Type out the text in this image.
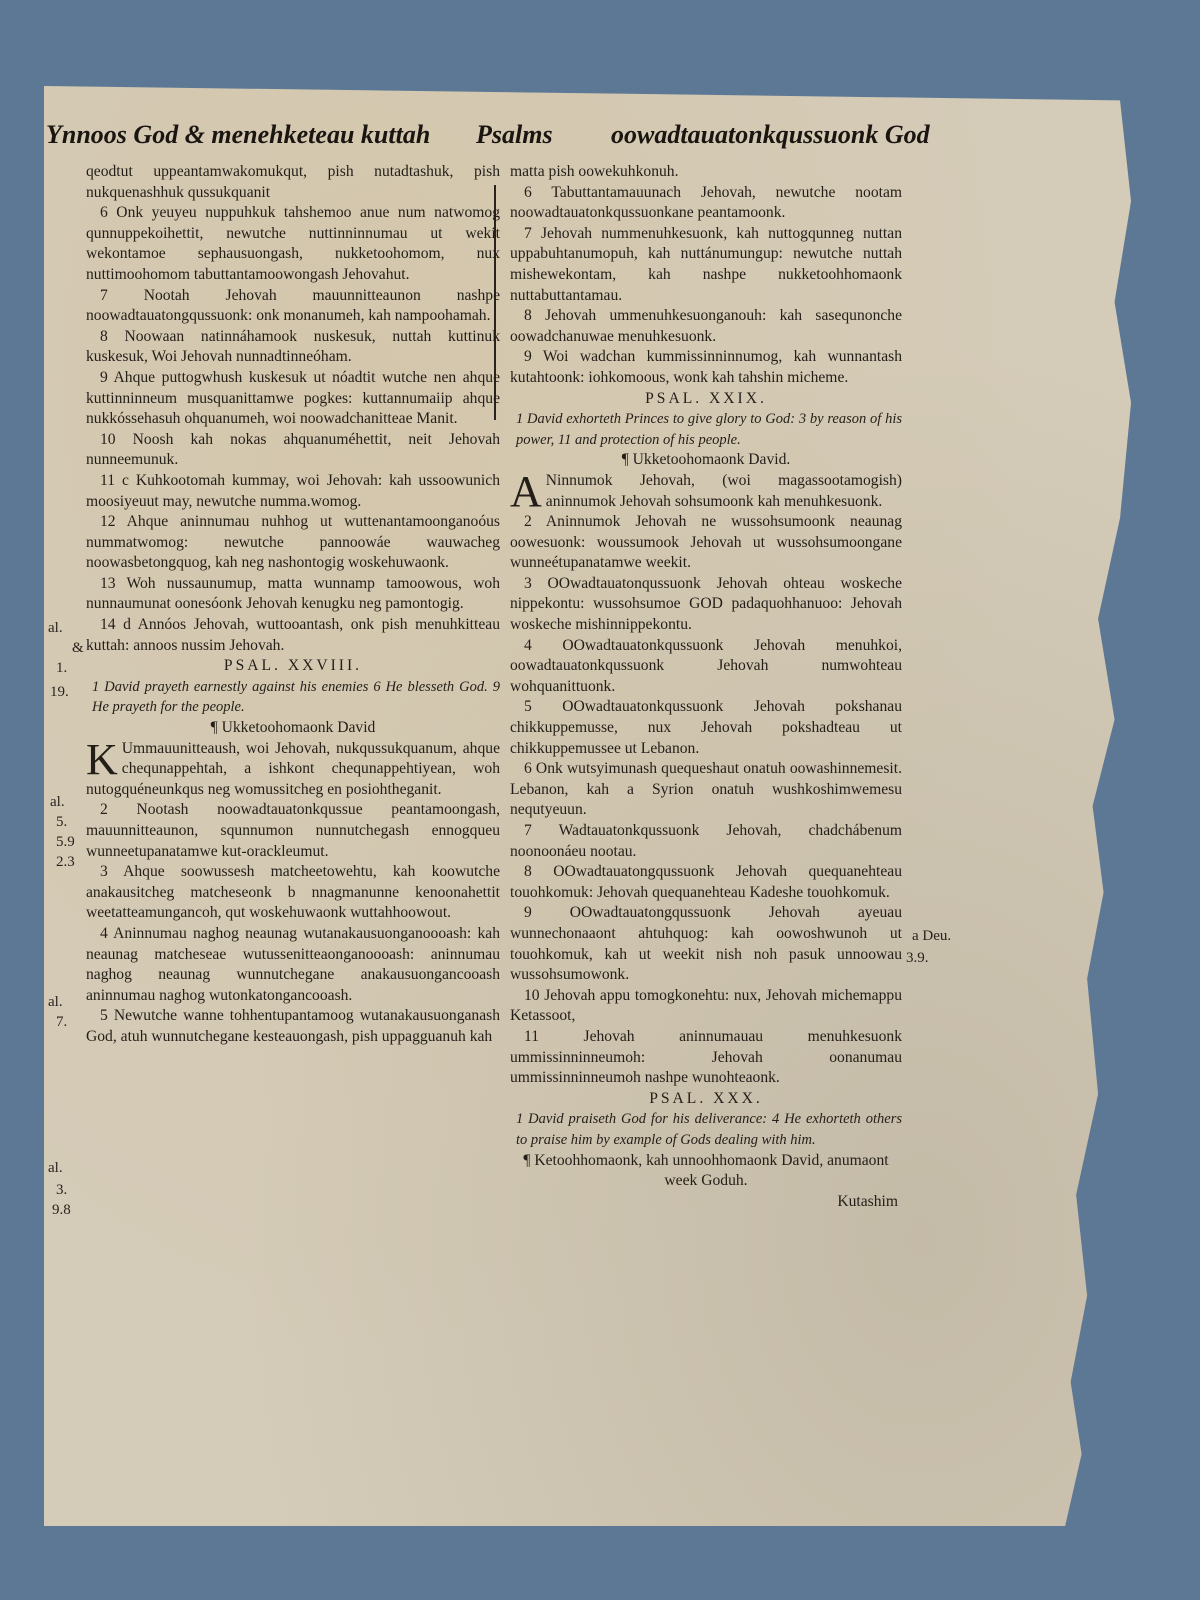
Ynnoos God & menehketeau kuttah Psalms oowadtauatonkqussuonk God

qeodtut uppeantamwakomukqut, pish nutadtashuk, pish nukquenashhuk qussukquanit

6 Onk yeuyeu nuppuhkuk tahshemoo anue num natwomog qunnuppekoihettit, newutche nuttinninnumau ut wekit wekontamoe sephausuongash, nukketoohomom, nux nuttimoohomom tabuttantamoowongash Jehovahut.

7 Nootah Jehovah mauunnitteaunon nashpe noowadtauatongqussuonk: onk monanumeh, kah nampoohamah.

8 Noowaan natinnáhamook nuskesuk, nuttah kuttinuk kuskesuk, Woi Jehovah nunnadtinneóham.

9 Ahque puttogwhush kuskesuk ut nóadtit wutche nen ahque kuttinninneum musquanittamwe pogkes: kuttannumaiip ahque nukkóssehasuh ohquanumeh, woi noowadchanitteae Manit.

10 Noosh kah nokas ahquanuméhettit, neit Jehovah nunneemunuk.

11 c Kuhkootomah kummay, woi Jehovah: kah ussoowunich moosiyeuut may, newutche numma.womog.

12 Ahque aninnumau nuhhog ut wuttenantamoonganoóus nummatwomog: newutche pannoowáe wauwacheg noowasbetongquog, kah neg nashontogig woskehuwaonk.

13 Woh nussaunumup, matta wunnamp tamoowous, woh nunnaumunat oonesóonk Jehovah kenugku neg pamontogig.

14 d Annóos Jehovah, wuttooantash, onk pish menuhkitteau kuttah: annoos nussim Jehovah.

PSAL. XXVIII.

1 David prayeth earnestly against his enemies 6 He blesseth God. 9 He prayeth for the people.

¶ Ukketoohomaonk David

K Ummauunitteaush, woi Jehovah, nukqussukquanum, ahque chequnappehtah, a ishkont chequnappehtiyean, woh nutogquéneunkqus neg womussitcheg en posiohtheganit.

2 Nootash noowadtauatonkqussue peantamoongash, mauunnitteaunon, squnnumon nunnutchegash ennogqueu wunneetupanatamwe kut-orackleumut.

3 Ahque soowussesh matcheetowehtu, kah koowutche anakausitcheg matcheseonk b nnagmanunne kenoonahettit weetatteamungancoh, qut woskehuwaonk wuttahhoowout.

4 Aninnumau naghog neaunag wutanakausuonganoooash: kah neaunag matcheseae wutussenitteaonganoooash: aninnumau naghog neaunag wunnutchegane anakausuongancooash aninnumau naghog wutonkatongancooash.

5 Newutche wanne tohhentupantamoog wutanakausuonganash God, atuh wunnutchegane kesteauongash, pish uppagguanuh kah

matta pish oowekuhkonuh.

6 Tabuttantamauunach Jehovah, newutche nootam noowadtauatonkqussuonkane peantamoonk.

7 Jehovah nummenuhkesuonk, kah nuttogqunneg nuttan uppabuhtanumopuh, kah nuttánumungup: newutche nuttah mishewekontam, kah nashpe nukketoohhomaonk nuttabuttantamau.

8 Jehovah ummenuhkesuonganouh: kah sasequnonche oowadchanuwae menuhkesuonk.

9 Woi wadchan kummissinninnumog, kah wunnantash kutahtoonk: iohkomoous, wonk kah tahshin micheme.

PSAL. XXIX.

1 David exhorteth Princes to give glory to God: 3 by reason of his power, 11 and protection of his people.

¶ Ukketoohomaonk David.

A Ninnumok Jehovah, (woi magassootamogish) aninnumok Jehovah sohsumoonk kah menuhkesuonk.

2 Aninnumok Jehovah ne wussohsumoonk neaunag oowesuonk: woussumook Jehovah ut wussohsumoongane wunneétupanatamwe weekit.

3 OOwadtauatonqussuonk Jehovah ohteau woskeche nippekontu: wussohsumoe GOD padaquohhanuoo: Jehovah woskeche mishinnippekontu.

4 OOwadtauatonkqussuonk Jehovah menuhkoi, oowadtauatonkqussuonk Jehovah numwohteau wohquanittuonk.

5 OOwadtauatonkqussuonk Jehovah pokshanau chikkuppemusse, nux Jehovah pokshadteau ut chikkuppemussee ut Lebanon.

6 Onk wutsyimunash quequeshaut onatuh oowashinnemesit. Lebanon, kah a Syrion onatuh wushkoshimwemesu nequtyeuun.

7 Wadtauatonkqussuonk Jehovah, chadchábenum noonoonáeu nootau.

8 OOwadtauatongqussuonk Jehovah quequanehteau touohkomuk: Jehovah quequanehteau Kadeshe touohkomuk.

9 OOwadtauatongqussuonk Jehovah ayeuau wunnechonaaont ahtuhquog: kah oowoshwunoh ut touohkomuk, kah ut weekit nish noh pasuk unnoowau wussohsumowonk.

10 Jehovah appu tomogkonehtu: nux, Jehovah michemappu Ketassoot,

11 Jehovah aninnumauau menuhkesuonk ummissinninneumoh: Jehovah oonanumau ummissinninneumoh nashpe wunohteaonk.

PSAL. XXX.

1 David praiseth God for his deliverance: 4 He exhorteth others to praise him by example of Gods dealing with him.

¶ Ketoohhomaonk, kah unnoohhomaonk David, anumaont week Goduh.

Kutashim

al.
&
1.
19.
al.
5.
5.9
2.3
al.
7.
al.
3.
9.8
a Deu.
3.9.
